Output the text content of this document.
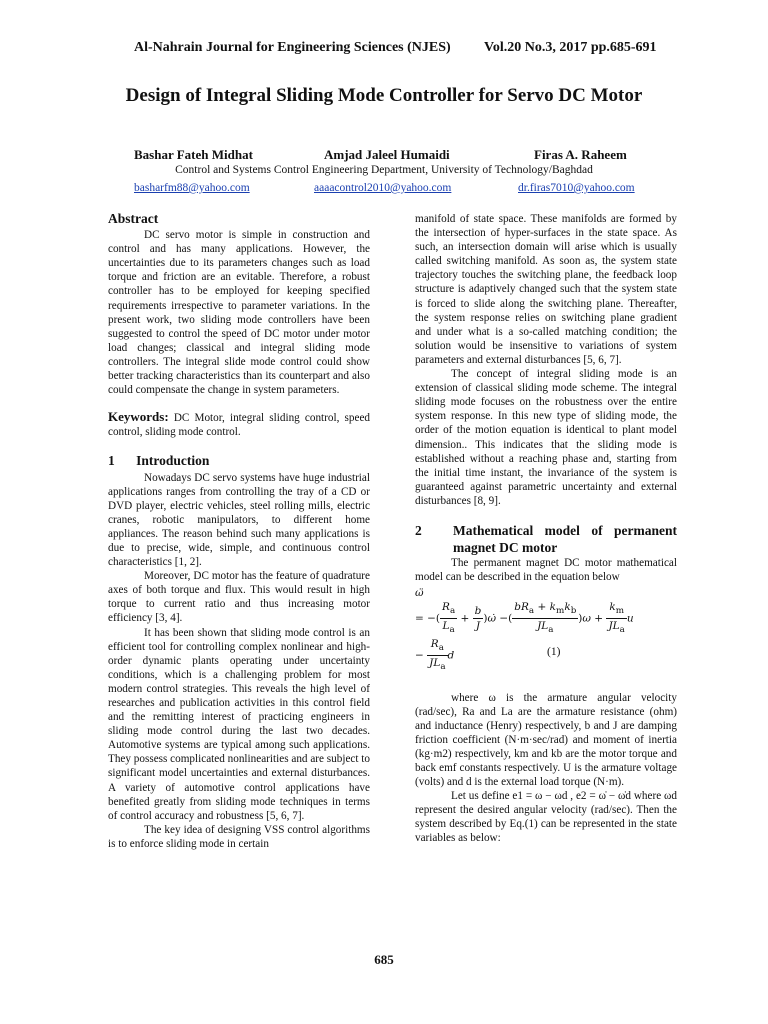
Al-Nahrain Journal for Engineering Sciences (NJES) Vol.20 No.3, 2017 pp.685-691
Design of Integral Sliding Mode Controller for Servo DC Motor
Bashar Fateh Midhat	Amjad Jaleel Humaidi	Firas A. Raheem
Control and Systems Control Engineering Department, University of Technology/Baghdad
basharfm88@yahoo.com	aaaacontrol2010@yahoo.com	dr.firas7010@yahoo.com
Abstract

DC servo motor is simple in construction and control and has many applications. However, the uncertainties due to its parameters changes such as load torque and friction are an evitable. Therefore, a robust controller has to be employed for keeping specified requirements irrespective to parameter variations. In the present work, two sliding mode controllers have been suggested to control the speed of DC motor under motor load changes; classical and integral sliding mode controllers. The integral slide mode control could show better tracking characteristics than its counterpart and also could compensate the change in system parameters.

Keywords: DC Motor, integral sliding control, speed control, sliding mode control.

1 Introduction

Nowadays DC servo systems have huge industrial applications ranges from controlling the tray of a CD or DVD player, electric vehicles, steel rolling mills, electric cranes, robotic manipulators, to different home appliances. The reason behind such many applications is due to precise, wide, simple, and continuous control characteristics [1, 2].

Moreover, DC motor has the feature of quadrature axes of both torque and flux. This would result in high torque to current ratio and thus increasing motor efficiency [3, 4].

It has been shown that sliding mode control is an efficient tool for controlling complex nonlinear and high-order dynamic plants operating under uncertainty conditions, which is a challenging problem for most modern control strategies. This reveals the high level of researches and publication activities in this control field and the remitting interest of practicing engineers in sliding mode control during the last two decades. Automotive systems are typical among such applications. They possess complicated nonlinearities and are subject to significant model uncertainties and external disturbances. A variety of automotive control applications have benefited greatly from sliding mode techniques in terms of control accuracy and robustness [5, 6, 7].

The key idea of designing VSS control algorithms is to enforce sliding mode in certain

manifold of state space. These manifolds are formed by the intersection of hyper-surfaces in the state space. As such, an intersection domain will arise which is usually called switching manifold. As soon as, the system state trajectory touches the switching plane, the feedback loop structure is adaptively changed such that the system state is forced to slide along the switching plane. Thereafter, the system response relies on switching plane gradient and under what is a so-called matching condition; the solution would be insensitive to variations of system parameters and external disturbances [5, 6, 7].

The concept of integral sliding mode is an extension of classical sliding mode scheme. The integral sliding mode focuses on the robustness over the entire system response. In this new type of sliding mode, the order of the motion equation is identical to plant model dimension.. This indicates that the sliding mode is established without a reaching phase and, starting from the initial time instant, the invariance of the system is guaranteed against parametric uncertainty and external disturbances [8, 9].

2	Mathematical model of permanent magnet DC motor

The permanent magnet DC motor mathematical model can be described in the equation below

ω̈
= −( $\frac{R_a}{L_a} + \frac{b}{J}$ )ω̇ −( $\frac{bR_a + k_mk_b}{JL_a} )\omega + \frac{k_m}{JL_a}$ u
− $\frac{R_a}{JL_a}$ d	(1)

where ω is the armature angular velocity (rad/sec), Ra and La are the armature resistance (ohm) and inductance (Henry) respectively, b and J are damping friction coefficient (N·m·sec/rad) and moment of inertia (kg·m2) respectively, km and kb are the motor torque and back emf constants respectively. U is the armature voltage (volts) and d is the external load torque (N·m).

Let us define e1 = ω − ωd , e2 = ω̇ − ω̇d where ωd represent the desired angular velocity (rad/sec). Then the system described by Eq.(1) can be represented in the state variables as below:

685
